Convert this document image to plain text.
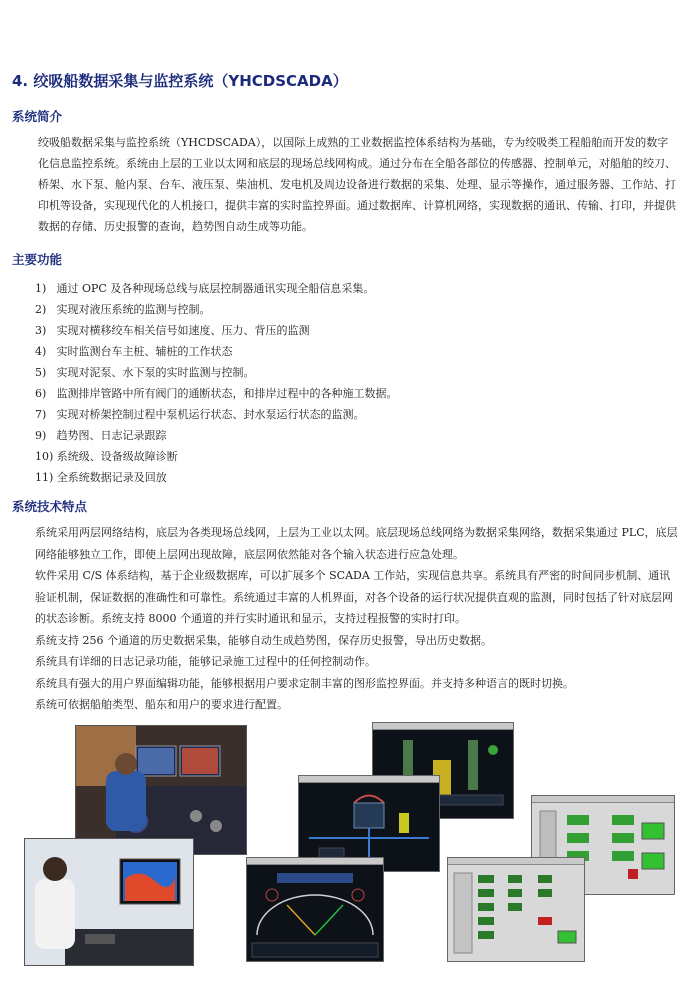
4. 绞吸船数据采集与监控系统（YHCDSCADA）
系统简介

绞吸船数据采集与监控系统（YHCDSCADA），以国际上成熟的工业数据监控体系结构为基础，专为绞吸类工程船舶而开发的数字化信息监控系统。系统由上层的工业以太网和底层的现场总线网构成。通过分布在全船各部位的传感器、控制单元，对船舶的绞刀、桥架、水下泵、舱内泵、台车、液压泵、柴油机、发电机及周边设备进行数据的采集、处理、显示等操作，通过服务器、工作站、打印机等设备，实现现代化的人机接口，提供丰富的实时监控界面。通过数据库、计算机网络，实现数据的通讯、传输、打印，并提供数据的存储、历史报警的查询，趋势图自动生成等功能。

主要功能
1) 通过 OPC 及各种现场总线与底层控制器通讯实现全船信息采集。
2) 实现对液压系统的监测与控制。
3) 实现对横移绞车相关信号如速度、压力、背压的监测
4) 实时监测台车主桩、辅桩的工作状态
5) 实现对泥泵、水下泵的实时监测与控制。
6) 监测排岸管路中所有阀门的通断状态，和排岸过程中的各种施工数据。
7) 实现对桥架控制过程中泵机运行状态、封水泵运行状态的监测。
9) 趋势图、日志记录跟踪
10) 系统级、设备级故障诊断
11) 全系统数据记录及回放
系统技术特点

系统采用两层网络结构，底层为各类现场总线网，上层为工业以太网。底层现场总线网络为数据采集网络，数据采集通过 PLC，底层网络能够独立工作，即使上层网出现故障，底层网依然能对各个输入状态进行应急处理。

软件采用 C/S 体系结构，基于企业级数据库，可以扩展多个 SCADA 工作站，实现信息共享。系统具有严密的时间同步机制、通讯验证机制，保证数据的准确性和可靠性。系统通过丰富的人机界面，对各个设备的运行状况提供直观的监测，同时包括了针对底层网的状态诊断。系统支持 8000 个通道的并行实时通讯和显示，支持过程报警的实时打印。

系统支持 256 个通道的历史数据采集，能够自动生成趋势图，保存历史报警，导出历史数据。

系统具有详细的日志记录功能，能够记录施工过程中的任何控制动作。

系统具有强大的用户界面编辑功能，能够根据用户要求定制丰富的图形监控界面。并支持多种语言的既时切换。

系统可依据船舶类型、船东和用户的要求进行配置。
